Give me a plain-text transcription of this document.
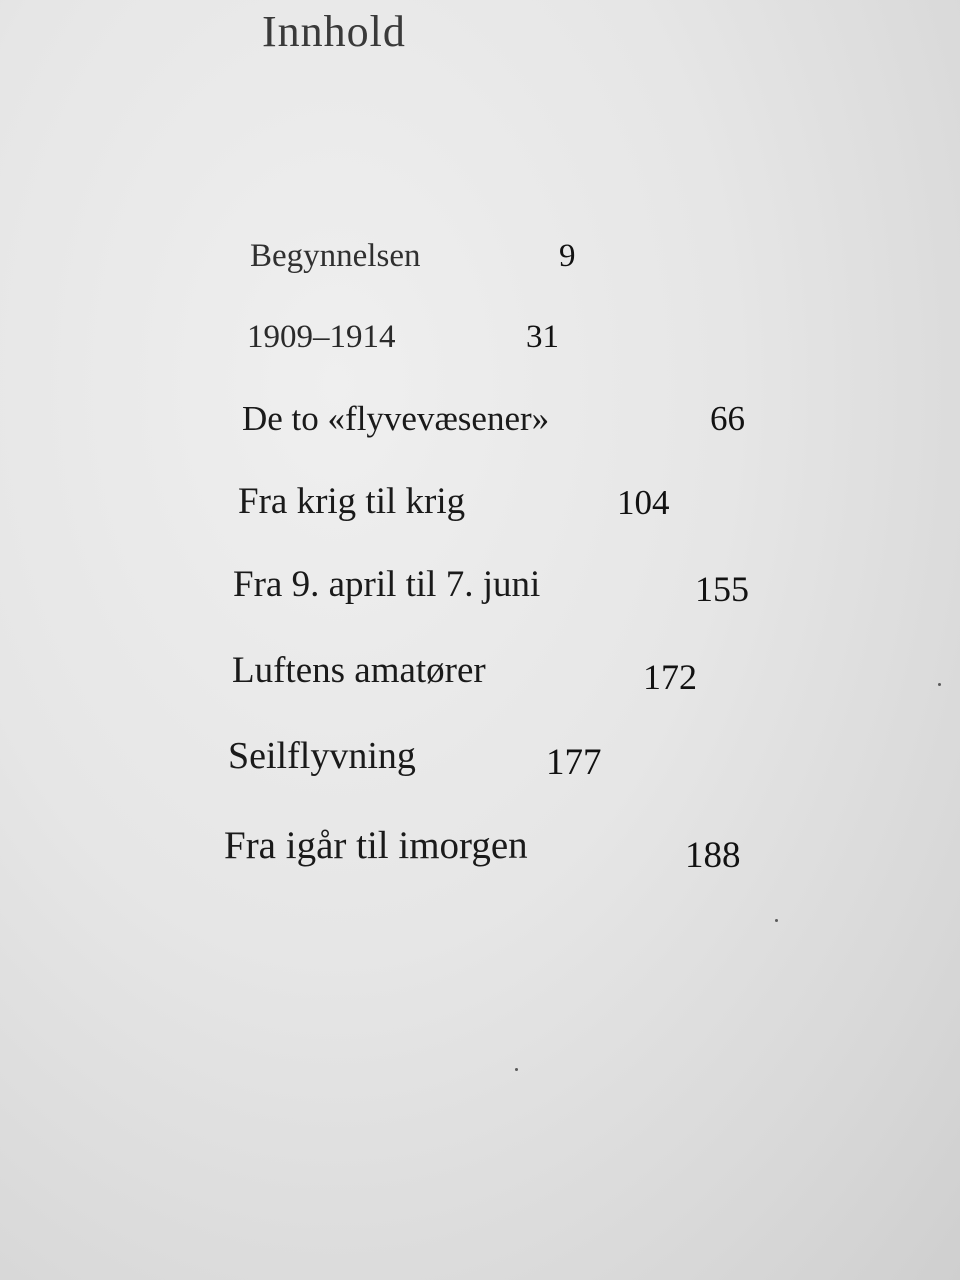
Innhold
Begynnelsen	9
1909–1914	31
De to «flyvevæsener»	66
Fra krig til krig	104
Fra 9. april til 7. juni	155
Luftens amatører	172
Seilflyvning	177
Fra igår til imorgen	188
